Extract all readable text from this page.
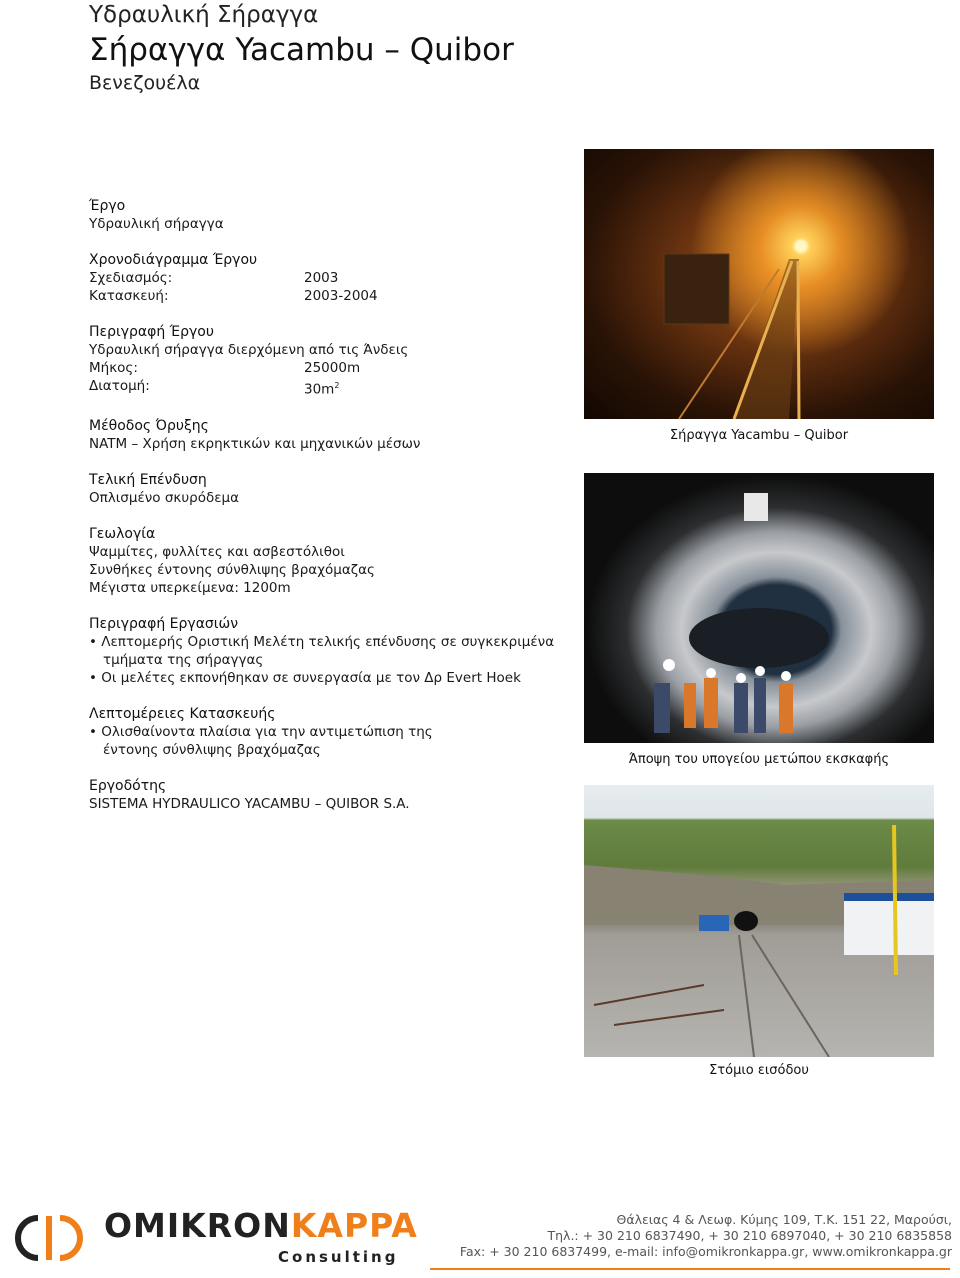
Υδραυλική Σήραγγα
Σήραγγα Yacambu – Quibor
Βενεζουέλα
Έργο
Υδραυλική σήραγγα
Χρονοδιάγραμμα Έργου
Σχεδιασμός:	2003
Κατασκευή:	2003-2004
Περιγραφή Έργου
Υδραυλική σήραγγα διερχόμενη από τις Άνδεις
Μήκος:	25000m
Διατομή:	$30m^2$
Μέθοδος Όρυξης
NATM – Χρήση εκρηκτικών και μηχανικών μέσων
Τελική Επένδυση
Οπλισμένο σκυρόδεμα
Γεωλογία
Ψαμμίτες, φυλλίτες και ασβεστόλιθοι
Συνθήκες έντονης σύνθλιψης βραχόμαζας
Μέγιστα υπερκείμενα: 1200m
Περιγραφή Εργασιών
• Λεπτομερής Οριστική Μελέτη τελικής επένδυσης σε συγκεκριμένα τμήματα της σήραγγας
• Οι μελέτες εκπονήθηκαν σε συνεργασία με τον Δρ Evert Hoek
Λεπτομέρειες Κατασκευής
• Ολισθαίνοντα πλαίσια για την αντιμετώπιση της έντονης σύνθλιψης βραχόμαζας
Εργοδότης
SISTEMA HYDRAULICO YACAMBU – QUIBOR S.A.
Σήραγγα Yacambu – Quibor
Άποψη του υπογείου μετώπου εκσκαφής
Στόμιο εισόδου
OMIKRONKAPPA
Consulting
Θάλειας 4 & Λεωφ. Κύμης 109, Τ.Κ. 151 22, Μαρούσι,
Τηλ.: + 30 210 6837490, + 30 210 6897040, + 30 210 6835858
Fax: + 30 210 6837499, e-mail: info@omikronkappa.gr, www.omikronkappa.gr
